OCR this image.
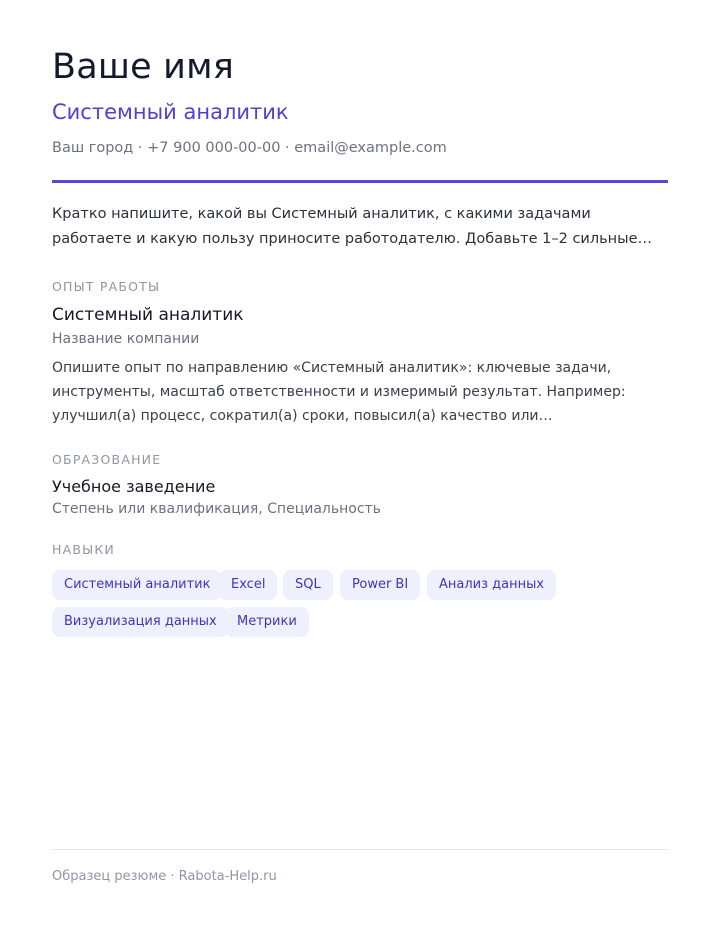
Ваше имя
Системный аналитик
Ваш город · +7 900 000-00-00 · email@example.com

Кратко напишите, какой вы Системный аналитик, с какими задачами работаете и какую пользу приносите работодателю. Добавьте 1–2 сильные…

ОПЫТ РАБОТЫ
Системный аналитик
Название компании

Опишите опыт по направлению «Системный аналитик»: ключевые задачи, инструменты, масштаб ответственности и измеримый результат. Например: улучшил(а) процесс, сократил(а) сроки, повысил(а) качество или…

ОБРАЗОВАНИЕ
Учебное заведение
Степень или квалификация, Специальность
НАВЫКИ
Системный аналитик	Excel	SQL	Power BI	Анализ данных
Визуализация данных	Метрики
Образец резюме · Rabota-Help.ru
